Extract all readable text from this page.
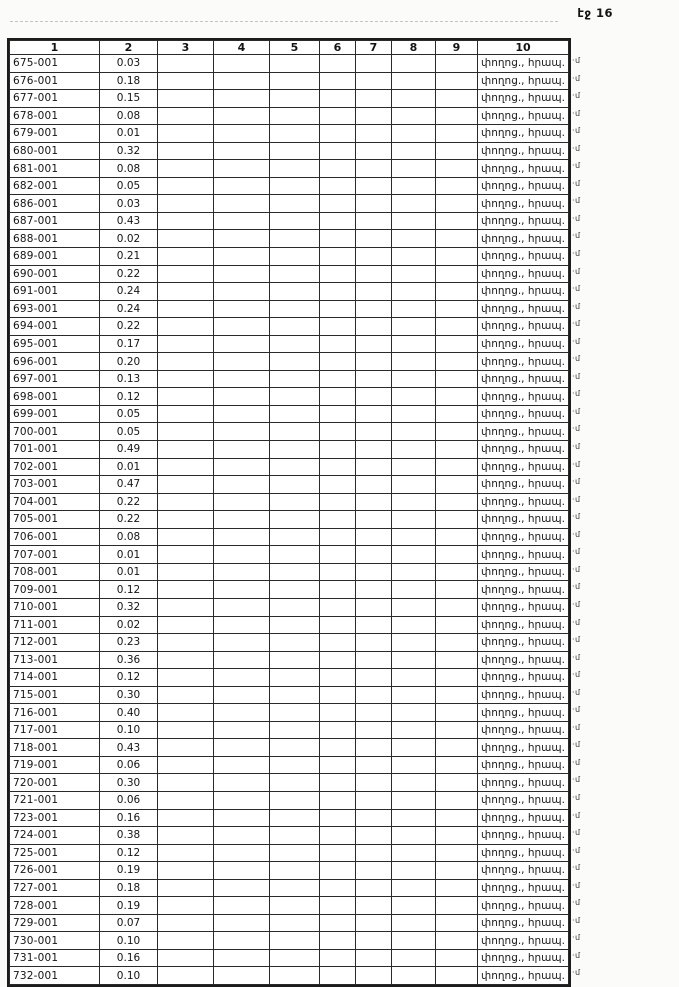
էջ 16
1	2	3	4	5	6	7	8	9	10
675-001	0.03								փողոց., հրապ.
676-001	0.18								փողոց., հրապ.
677-001	0.15								փողոց., հրապ.
678-001	0.08								փողոց., հրապ.
679-001	0.01								փողոց., հրապ.
680-001	0.32								փողոց., հրապ.
681-001	0.08								փողոց., հրապ.
682-001	0.05								փողոց., հրապ.
686-001	0.03								փողոց., հրապ.
687-001	0.43								փողոց., հրապ.
688-001	0.02								փողոց., հրապ.
689-001	0.21								փողոց., հրապ.
690-001	0.22								փողոց., հրապ.
691-001	0.24								փողոց., հրապ.
693-001	0.24								փողոց., հրապ.
694-001	0.22								փողոց., հրապ.
695-001	0.17								փողոց., հրապ.
696-001	0.20								փողոց., հրապ.
697-001	0.13								փողոց., հրապ.
698-001	0.12								փողոց., հրապ.
699-001	0.05								փողոց., հրապ.
700-001	0.05								փողոց., հրապ.
701-001	0.49								փողոց., հրապ.
702-001	0.01								փողոց., հրապ.
703-001	0.47								փողոց., հրապ.
704-001	0.22								փողոց., հրապ.
705-001	0.22								փողոց., հրապ.
706-001	0.08								փողոց., հրապ.
707-001	0.01								փողոց., հրապ.
708-001	0.01								փողոց., հրապ.
709-001	0.12								փողոց., հրապ.
710-001	0.32								փողոց., հրապ.
711-001	0.02								փողոց., հրապ.
712-001	0.23								փողոց., հրապ.
713-001	0.36								փողոց., հրապ.
714-001	0.12								փողոց., հրապ.
715-001	0.30								փողոց., հրապ.
716-001	0.40								փողոց., հրապ.
717-001	0.10								փողոց., հրապ.
718-001	0.43								փողոց., հրապ.
719-001	0.06								փողոց., հրապ.
720-001	0.30								փողոց., հրապ.
721-001	0.06								փողոց., հրապ.
723-001	0.16								փողոց., հրապ.
724-001	0.38								փողոց., հրապ.
725-001	0.12								փողոց., հրապ.
726-001	0.19								փողոց., հրապ.
727-001	0.18								փողոց., հրապ.
728-001	0.19								փողոց., հրապ.
729-001	0.07								փողոց., հրապ.
730-001	0.10								փողոց., հրապ.
731-001	0.16								փողոց., հրապ.
732-001	0.10								փողոց., հրապ.
·մ
·մ
·մ
·մ
·մ
·մ
·մ
·մ
·մ
·մ
·մ
·մ
·մ
·մ
·մ
·մ
·մ
·մ
·մ
·մ
·մ
·մ
·մ
·մ
·մ
·մ
·մ
·մ
·մ
·մ
·մ
·մ
·մ
·մ
·մ
·մ
·մ
·մ
·մ
·մ
·մ
·մ
·մ
·մ
·մ
·մ
·մ
·մ
·մ
·մ
·մ
·մ
·մ
